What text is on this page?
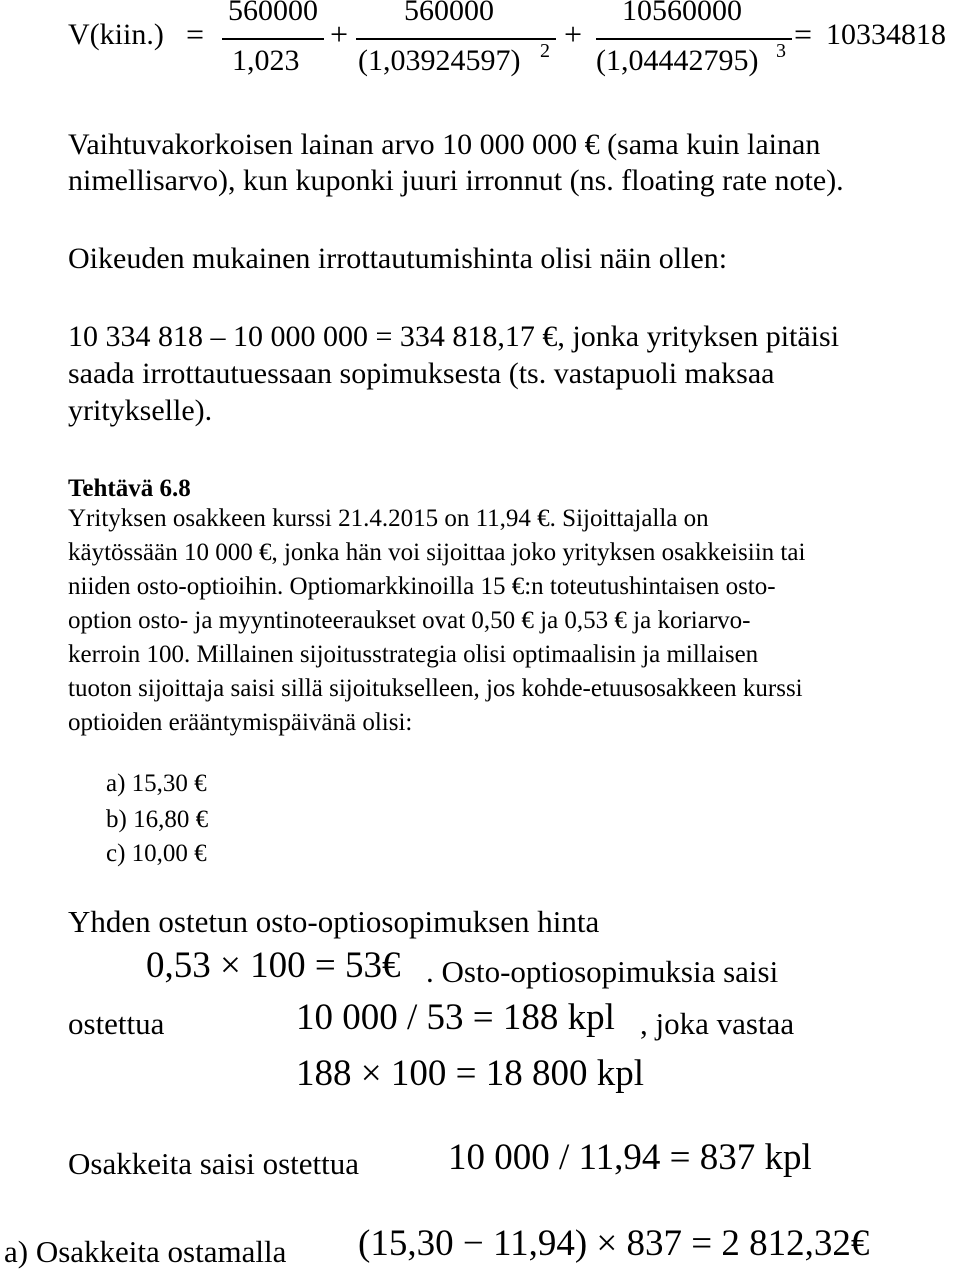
V(kiin.) =
560000
1,023
+
560000
(1,03924597) 2 +
10560000
(1,04442795) 3 = 10334818
Vaihtuvakorkoisen lainan arvo 10 000 000 € (sama kuin lainan
nimellisarvo), kun kuponki juuri irronnut (ns. floating rate note).
Oikeuden mukainen irrottautumishinta olisi näin ollen:
10 334 818 – 10 000 000 = 334 818,17 €, jonka yrityksen pitäisi
saada irrottautuessaan sopimuksesta (ts. vastapuoli maksaa
yritykselle).
Tehtävä 6.8
Yrityksen osakkeen kurssi 21.4.2015 on 11,94 €. Sijoittajalla on
käytössään 10 000 €, jonka hän voi sijoittaa joko yrityksen osakkeisiin tai
niiden osto-optioihin. Optiomarkkinoilla 15 €:n toteutushintaisen osto-
option osto- ja myyntinoteeraukset ovat 0,50 € ja 0,53 € ja koriarvo-
kerroin 100. Millainen sijoitusstrategia olisi optimaalisin ja millaisen
tuoton sijoittaja saisi sillä sijoitukselleen, jos kohde-etuusosakkeen kurssi
optioiden erääntymispäivänä olisi:
a) 15,30 €
b) 16,80 €
c) 10,00 €
Yhden ostetun osto-optiosopimuksen hinta
0,53 × 100 = 53€ . Osto-optiosopimuksia saisi
ostettua	10 000 / 53 = 188 kpl , joka vastaa
188 × 100 = 18 800 kpl
Osakkeita saisi ostettua 10 000 / 11,94 = 837 kpl
a) Osakkeita ostamalla (15,30 − 11,94) × 837 = 2 812,32€
